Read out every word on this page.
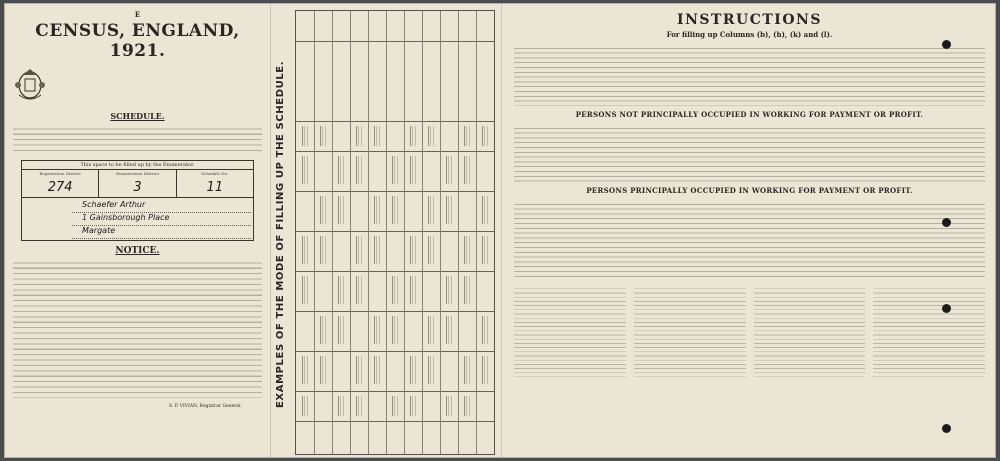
E
CENSUS, ENGLAND, 1921.
SCHEDULE.
This space to be filled up by the Enumerator.
Registration District
274
Enumeration District
3
Schedule No.
11
Schaefer Arthur
1 Gainsborough Place
Margate
NOTICE.
S. P. VIVIAN, Registrar General.	EXAMPLES OF THE MODE OF FILLING UP THE SCHEDULE.
INSTRUCTIONS
For filling up Columns (b), (h), (k) and (l).
PERSONS NOT PRINCIPALLY OCCUPIED IN WORKING FOR PAYMENT OR PROFIT.
PERSONS PRINCIPALLY OCCUPIED IN WORKING FOR PAYMENT OR PROFIT.
